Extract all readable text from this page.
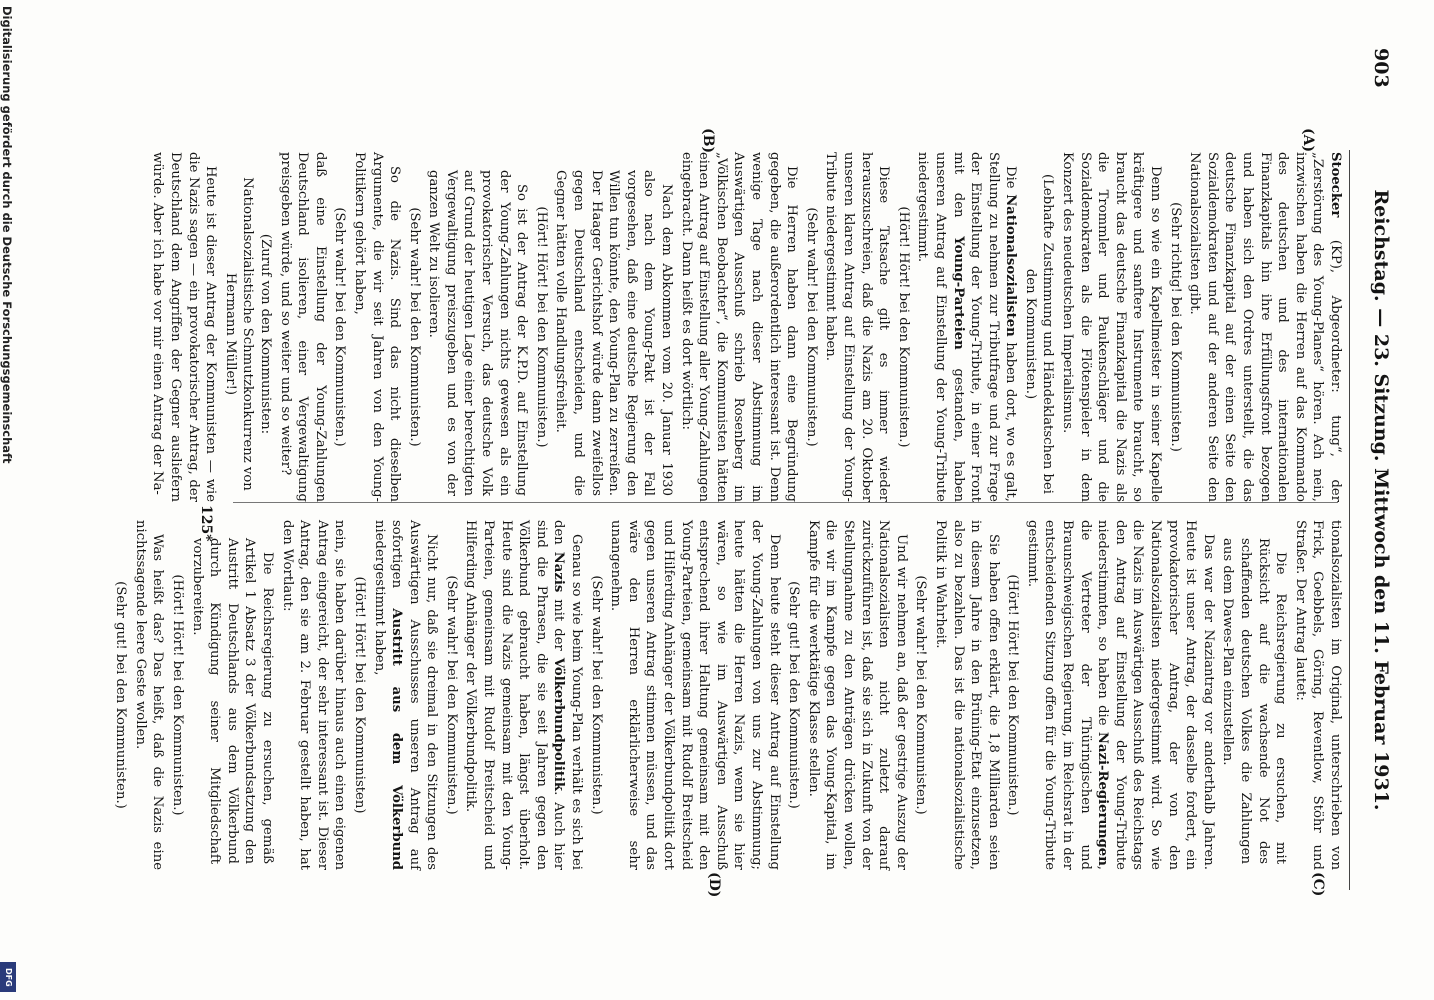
903
Reichstag. — 23. Sitzung. Mittwoch den 11. Februar 1931.
(A)
(B)
(C)
(D)

Stoecker (KP), Abgeordneter: tung“, der „Zerstörung des Young-Planes“ hören. Ach nein, inzwischen haben die Herren auf das Kommando des deutschen und des internationalen Finanzkapitals hin ihre Erfüllungsfront bezogen und haben sich den Ordres unterstellt, die das deutsche Finanzkapital auf der einen Seite den Sozialdemokraten und auf der anderen Seite den Nationalsozialisten gibt.

(Sehr richtig! bei den Kommunisten.)

Denn so wie ein Kapellmeister in seiner Kapelle kräftigere und sanftere Instrumente braucht, so braucht das deutsche Finanzkapital die Nazis als die Trommler und Paukenschläger und die Sozialdemokraten als die Flötenspieler in dem Konzert des neudeutschen Imperialismus.

(Lebhafte Zustimmung und Händeklatschen bei den Kommunisten.)

Die Nationalsozialisten haben dort, wo es galt, Stellung zu nehmen zur Tributfrage und zur Frage der Einstellung der Young-Tribute, in einer Front mit den Young-Parteien gestanden, haben unseren Antrag auf Einstellung der Young-Tribute niedergestimmt.

(Hört! Hört! bei den Kommunisten.)

Diese Tatsache gilt es immer wieder herauszuschreien, daß die Nazis am 20. Oktober unseren klaren Antrag auf Einstellung der Young-Tribute niedergestimmt haben.

(Sehr wahr! bei den Kommunisten.)

Die Herren haben dann eine Begründung gegeben, die außerordentlich interessant ist. Denn wenige Tage nach dieser Abstimmung im Auswärtigen Ausschuß schrieb Rosenberg im „Völkischen Beobachter“, die Kommunisten hätten einen Antrag auf Einstellung aller Young-Zahlungen eingebracht. Dann heißt es dort wörtlich:

Nach dem Abkommen vom 20. Januar 1930 also nach dem Young-Pakt ist der Fall vorgesehen, daß eine deutsche Regierung den Willen tun könnte, den Young-Plan zu zerreißen. Der Haager Gerichtshof würde dann zweifellos gegen Deutschland entscheiden, und die Gegner hätten volle Handlungsfreiheit.

(Hört! Hört! bei den Kommunisten.)

So ist der Antrag der K.P.D. auf Einstellung der Young-Zahlungen nichts gewesen als ein provokatorischer Versuch, das deutsche Volk auf Grund der heutigen Lage einer berechtigten Vergewaltigung preiszugeben und es von der ganzen Welt zu isolieren.

(Sehr wahr! bei den Kommunisten.)

So die Nazis. Sind das nicht dieselben Argumente, die wir seit Jahren von den Young-Politikern gehört haben,

(Sehr wahr! bei den Kommunisten.)

daß eine Einstellung der Young-Zahlungen Deutschland isolieren, einer Vergewaltigung preisgeben würde, und so weiter und so weiter?

(Zuruf von den Kommunisten: Nationalsozialistische Schmutzkonkurrenz von Hermann Müller!)

Heute ist dieser Antrag der Kommunisten — wie die Nazis sagen — ein provokatorischer Antrag, der Deutschland dem Angriffen der Gegner ausliefern würde. Aber ich habe vor mir einen Antrag der Na-

tionalsozialisten im Original, unterschrieben von Frick, Goebbels, Göring, Reventlow, Stöhr und Straßer. Der Antrag lautet:

Die Reichsregierung zu ersuchen, mit Rücksicht auf die wachsende Not des schaffenden deutschen Volkes die Zahlungen aus dem Dawes-Plan einzustellen.

Das war der Naziantrag vor anderthalb Jahren. Heute ist unser Antrag, der dasselbe fordert, ein provokatorischer Antrag, der von den Nationalsozialisten niedergestimmt wird. So wie die Nazis im Auswärtigen Ausschuß des Reichstags den Antrag auf Einstellung der Young-Tribute niederstimmten, so haben die Nazi-Regierungen, die Vertreter der Thüringischen und Braunschweigischen Regierung, im Reichsrat in der entscheidenden Sitzung offen für die Young-Tribute gestimmt.

(Hört! Hört! bei den Kommunisten.)

Sie haben offen erklärt, die 1,8 Milliarden seien in diesem Jahre in den Brüning-Etat einzusetzen, also zu bezahlen. Das ist die nationalsozialistische Politik in Wahrheit.

(Sehr wahr! bei den Kommunisten.)

Und wir nehmen an, daß der gestrige Auszug der Nationalsozialisten nicht zuletzt darauf zurückzuführen ist, daß sie sich in Zukunft von der Stellungnahme zu den Anträgen drücken wollen, die wir im Kampfe gegen das Young-Kapital, im Kampfe für die werktätige Klasse stellen.

(Sehr gut! bei den Kommunisten.)

Denn heute steht dieser Antrag auf Einstellung der Young-Zahlungen von uns zur Abstimmung; heute hätten die Herren Nazis, wenn sie hier wären, so wie im Auswärtigen Ausschuß entsprechend ihrer Haltung gemeinsam mit den Young-Parteien, gemeinsam mit Rudolf Breitscheid und Hilferding Anhänger der Völkerbundpolitik dort gegen unseren Antrag stimmen müssen, und das wäre den Herren erklärlicherweise sehr unangenehm.

(Sehr wahr! bei den Kommunisten.)

Genau so wie beim Young-Plan verhält es sich bei den Nazis mit der Völkerbundpolitik. Auch hier sind die Phrasen, die sie seit Jahren gegen den Völkerbund gebraucht haben, längst überholt. Heute sind die Nazis gemeinsam mit den Young-Parteien, gemeinsam mit Rudolf Breitscheid und Hilferding Anhänger der Völkerbundpolitik.

(Sehr wahr! bei den Kommunisten.)

Nicht nur, daß sie dreimal in den Sitzungen des Auswärtigen Ausschusses unseren Antrag auf sofortigen Austritt aus dem Völkerbund niedergestimmt haben,

(Hört! Hört! bei den Kommunisten)

nein, sie haben darüber hinaus auch einen eigenen Antrag eingereicht, der sehr interessant ist. Dieser Antrag, den sie am 2. Februar gestellt haben, hat den Wortlaut:

Die Reichsregierung zu ersuchen, gemäß Artikel 1 Absatz 3 der Völkerbundsatzung den Austritt Deutschlands aus dem Völkerbund durch Kündigung seiner Mitgliedschaft vorzubereiten.

(Hört! Hört! bei den Kommunisten.)

Was heißt das? Das heißt, daß die Nazis eine nichtssagende leere Geste wollen.

(Sehr gut! bei den Kommunisten.)

125*
Digitalisierung gefördert durch die Deutsche Forschungsgemeinschaft
DFG
